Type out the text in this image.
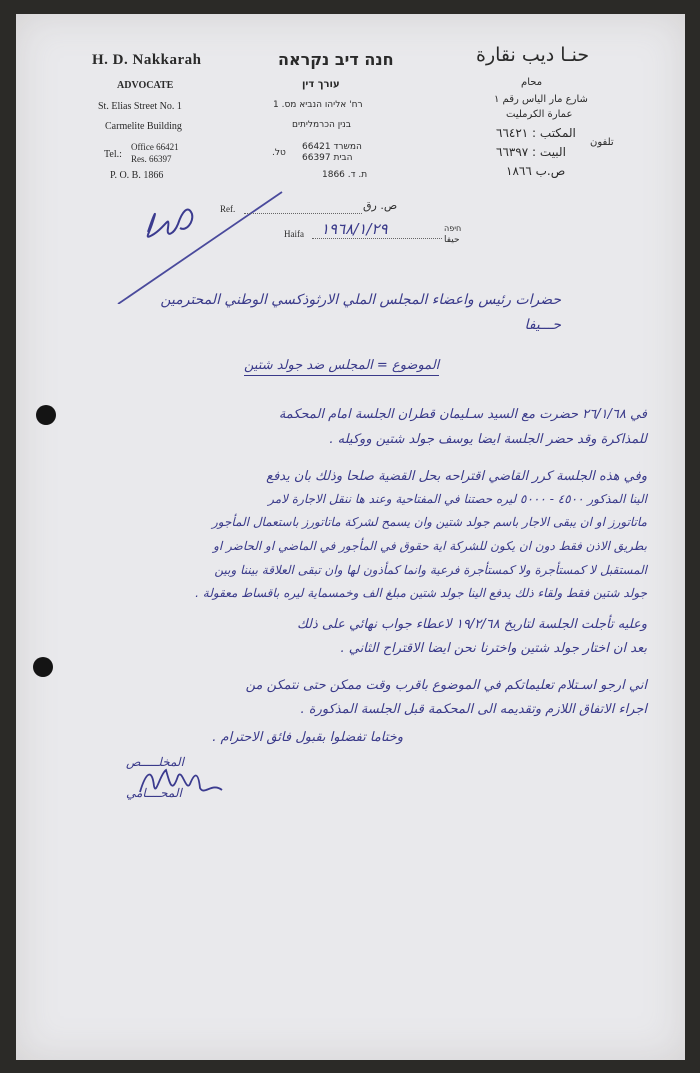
H. D. Nakkarah
ADVOCATE
St. Elias Street No. 1
Carmelite Building
Tel.:
Office 66421
Res. 66397
P. O. B. 1866
חנה דיב נקראה
עורך דין
רח' אליהו הנביא מס. 1
בנין הכרמליתים
המשרד 66421
הבית 66397
טל.
ת. ד. 1866
حنـا ديب نقارة
محام
شارع مار الياس رقم ١
عمارة الكرمليت
المكتب : ٦٦٤٢١
البيت : ٦٦٣٩٧
تلفون
ص.ب ١٨٦٦
Ref.	ص. رق
Haifa ١٩٦٨/١/٢٩	חיפה
حيفا
حضرات رئيس واعضاء المجلس الملي الارثوذكسي الوطني المحترمين
حـــيفا
الموضوع = المجلس ضد جولد شتين
في ٢٦/١/٦٨ حضرت مع السيد سـليمان قطران الجلسة امام المحكمة
للمذاكرة وقد حضر الجلسة ايضا يوسف جولد شتين ووكيله .
وفي هذه الجلسة كرر القاضي اقتراحه بحل القضية صلحا وذلك بان يدفع
الينا المذكور ٤٥٠٠ - ٥٠٠٠ ليره حصتنا في المفتاحية وعند ها ننقل الاجارة لامر
ماتاتورز او ان يبقى الاجار باسم جولد شتين وان يسمح لشركة ماتاتورز باستعمال المأجور
بطريق الاذن فقط دون ان يكون للشركة اية حقوق في المأجور في الماضي او الحاضر او
المستقبل لا كمستأجرة ولا كمستأجرة فرعية وانما كمأذون لها وان تبقى العلاقة بيننا وبين
جولد شتين فقط ولقاء ذلك يدفع الينا جولد شتين مبلغ الف وخمسماية ليره باقساط معقولة .
وعليه تأجلت الجلسة لتاريخ ١٩/٢/٦٨ لاعطاء جواب نهائي على ذلك
بعد ان اختار جولد شتين واخترنا نحن ايضا الاقتراح الثاني .
اني ارجو اسـتلام تعليماتكم في الموضوع باقرب وقت ممكن حتى نتمكن من
اجراء الاتفاق اللازم وتقديمه الى المحكمة قبل الجلسة المذكورة .
وختاما تفضلوا بقبول فائق الاحترام .
المخلـــــص
المحــــامي
